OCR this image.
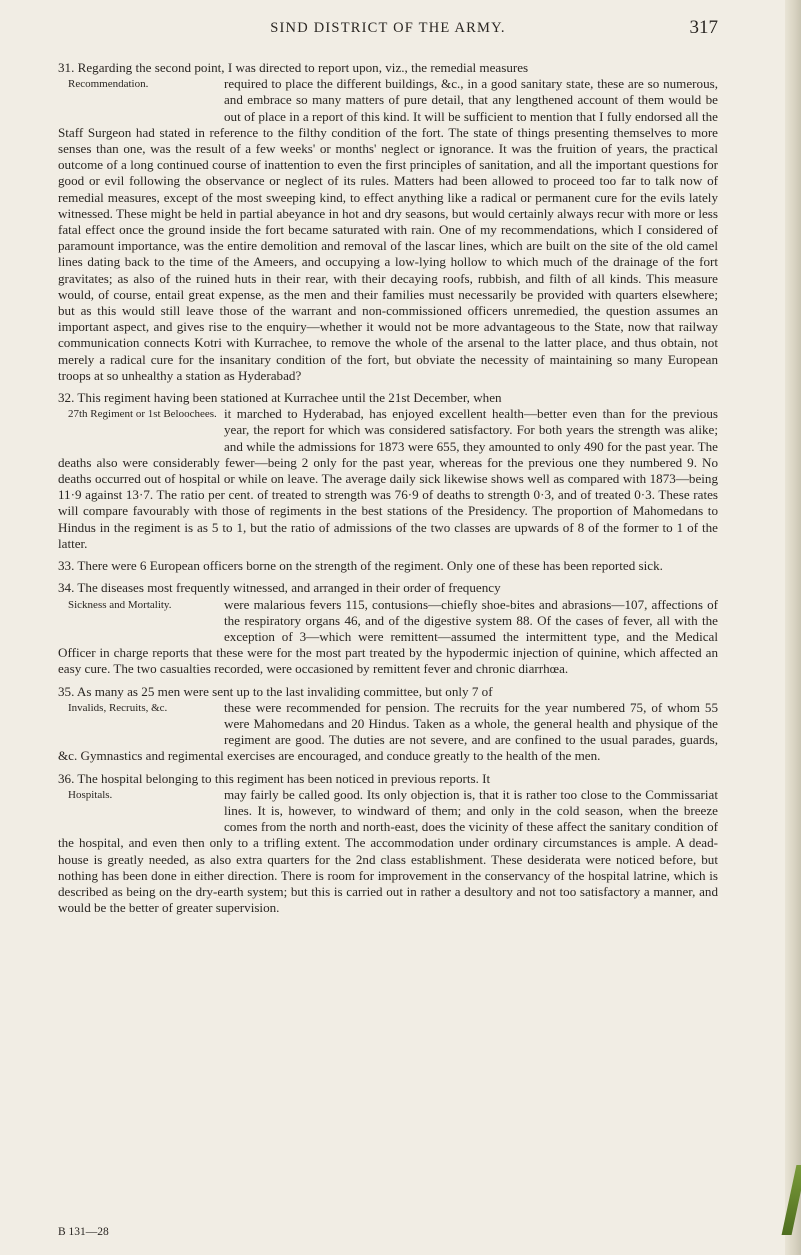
SIND DISTRICT OF THE ARMY.	317
31. Regarding the second point, I was directed to report upon, viz., the remedial measures
Recommendation.	required to place the different buildings, &c., in a good sanitary state, these are so numerous, and embrace so many matters of pure detail, that any lengthened account of them would be out of place in a report of this kind. It will be sufficient to mention that I fully endorsed all the Staff Surgeon had stated in reference to the filthy condition of the fort. The state of things presenting themselves to more senses than one, was the result of a few weeks' or months' neglect or ignorance. It was the fruition of years, the practical outcome of a long continued course of inattention to even the first principles of sanitation, and all the important questions for good or evil following the observance or neglect of its rules. Matters had been allowed to proceed too far to talk now of remedial measures, except of the most sweeping kind, to effect anything like a radical or permanent cure for the evils lately witnessed. These might be held in partial abeyance in hot and dry seasons, but would certainly always recur with more or less fatal effect once the ground inside the fort became saturated with rain. One of my recommendations, which I considered of paramount importance, was the entire demolition and removal of the lascar lines, which are built on the site of the old camel lines dating back to the time of the Ameers, and occupying a low-lying hollow to which much of the drainage of the fort gravitates; as also of the ruined huts in their rear, with their decaying roofs, rubbish, and filth of all kinds. This measure would, of course, entail great expense, as the men and their families must necessarily be provided with quarters elsewhere; but as this would still leave those of the warrant and non-commissioned officers unremedied, the question assumes an important aspect, and gives rise to the enquiry—whether it would not be more advantageous to the State, now that railway communication connects Kotri with Kurrachee, to remove the whole of the arsenal to the latter place, and thus obtain, not merely a radical cure for the insanitary condition of the fort, but obviate the necessity of maintaining so many European troops at so unhealthy a station as Hyderabad?
32. This regiment having been stationed at Kurrachee until the 21st December, when
27th Regiment or 1st Beloochees. it marched to Hyderabad, has enjoyed excellent health—better even than for the previous year, the report for which was considered satisfactory. For both years the strength was alike; and while the admissions for 1873 were 655, they amounted to only 490 for the past year. The deaths also were considerably fewer—being 2 only for the past year, whereas for the previous one they numbered 9. No deaths occurred out of hospital or while on leave. The average daily sick likewise shows well as compared with 1873—being 11·9 against 13·7. The ratio per cent. of treated to strength was 76·9 of deaths to strength 0·3, and of treated 0·3. These rates will compare favourably with those of regiments in the best stations of the Presidency. The proportion of Mahomedans to Hindus in the regiment is as 5 to 1, but the ratio of admissions of the two classes are upwards of 8 of the former to 1 of the latter.
33. There were 6 European officers borne on the strength of the regiment. Only one of these has been reported sick.
34. The diseases most frequently witnessed, and arranged in their order of frequency
Sickness and Mortality.	were malarious fevers 115, contusions—chiefly shoe-bites and abrasions—107, affections of the respiratory organs 46, and of the digestive system 88. Of the cases of fever, all with the exception of 3—which were remittent—assumed the intermittent type, and the Medical Officer in charge reports that these were for the most part treated by the hypodermic injection of quinine, which affected an easy cure. The two casualties recorded, were occasioned by remittent fever and chronic diarrhœa.
35. As many as 25 men were sent up to the last invaliding committee, but only 7 of
Invalids, Recruits, &c.	these were recommended for pension. The recruits for the year numbered 75, of whom 55 were Mahomedans and 20 Hindus. Taken as a whole, the general health and physique of the regiment are good. The duties are not severe, and are confined to the usual parades, guards, &c. Gymnastics and regimental exercises are encouraged, and conduce greatly to the health of the men.
36. The hospital belonging to this regiment has been noticed in previous reports. It
Hospitals.	may fairly be called good. Its only objection is, that it is rather too close to the Commissariat lines. It is, however, to windward of them; and only in the cold season, when the breeze comes from the north and north-east, does the vicinity of these affect the sanitary condition of the hospital, and even then only to a trifling extent. The accommodation under ordinary circumstances is ample. A dead-house is greatly needed, as also extra quarters for the 2nd class establishment. These desiderata were noticed before, but nothing has been done in either direction. There is room for improvement in the conservancy of the hospital latrine, which is described as being on the dry-earth system; but this is carried out in rather a desultory and not too satisfactory a manner, and would be the better of greater supervision.
B 131—28
